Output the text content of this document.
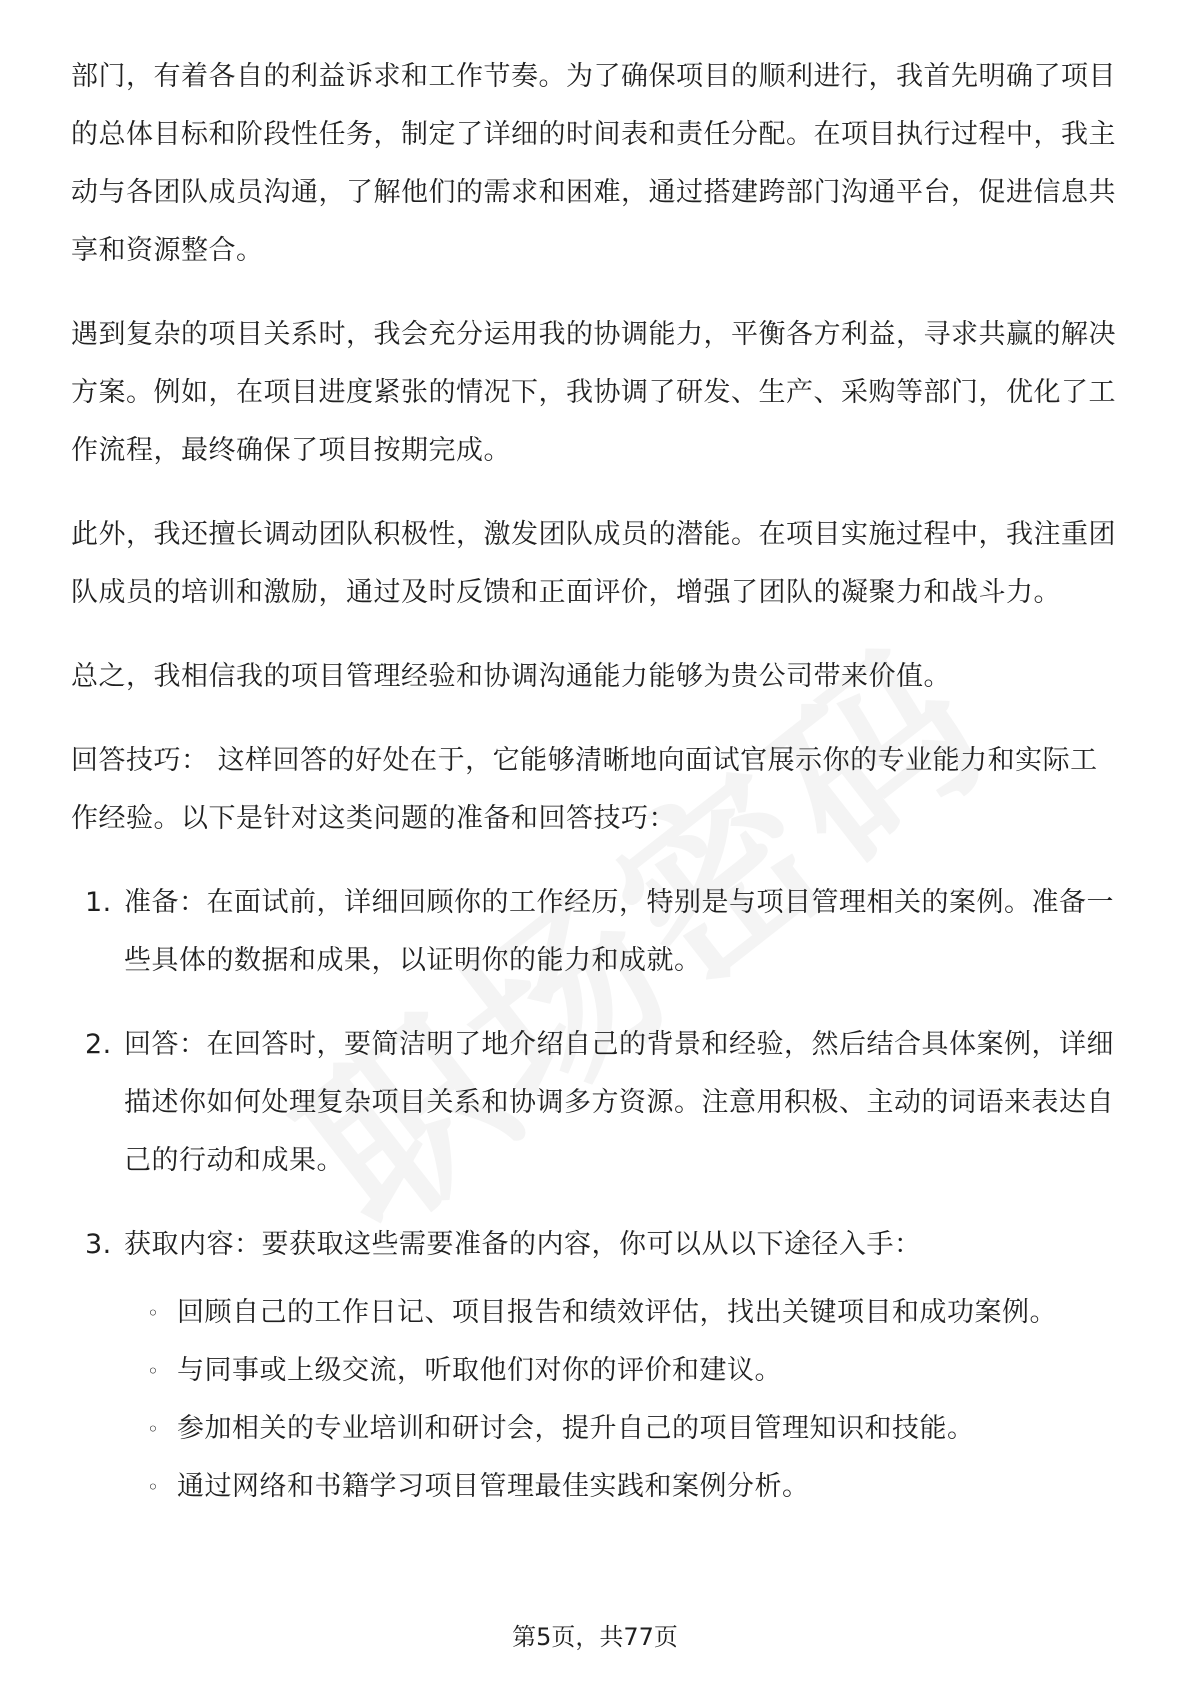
部门，有着各自的利益诉求和工作节奏。为了确保项目的顺利进行，我首先明确了项目的总体目标和阶段性任务，制定了详细的时间表和责任分配。在项目执行过程中，我主动与各团队成员沟通，了解他们的需求和困难，通过搭建跨部门沟通平台，促进信息共享和资源整合。

遇到复杂的项目关系时，我会充分运用我的协调能力，平衡各方利益，寻求共赢的解决方案。例如，在项目进度紧张的情况下，我协调了研发、生产、采购等部门，优化了工作流程，最终确保了项目按期完成。

此外，我还擅长调动团队积极性，激发团队成员的潜能。在项目实施过程中，我注重团队成员的培训和激励，通过及时反馈和正面评价，增强了团队的凝聚力和战斗力。

总之，我相信我的项目管理经验和协调沟通能力能够为贵公司带来价值。

回答技巧： 这样回答的好处在于，它能够清晰地向面试官展示你的专业能力和实际工作经验。以下是针对这类问题的准备和回答技巧：

1. 准备：在面试前，详细回顾你的工作经历，特别是与项目管理相关的案例。准备一些具体的数据和成果，以证明你的能力和成就。
2. 回答：在回答时，要简洁明了地介绍自己的背景和经验，然后结合具体案例，详细描述你如何处理复杂项目关系和协调多方资源。注意用积极、主动的词语来表达自己的行动和成果。
3. 获取内容：要获取这些需要准备的内容，你可以从以下途径入手：
◦ 回顾自己的工作日记、项目报告和绩效评估，找出关键项目和成功案例。
◦ 与同事或上级交流，听取他们对你的评价和建议。
◦ 参加相关的专业培训和研讨会，提升自己的项目管理知识和技能。
◦ 通过网络和书籍学习项目管理最佳实践和案例分析。
第5页，共77页
